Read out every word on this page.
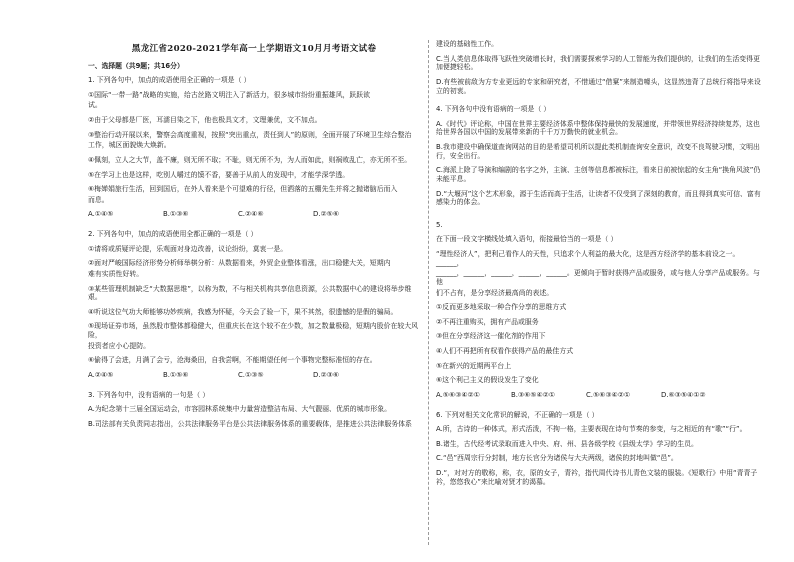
黑龙江省2020-2021学年高一上学期语文10月月考语文试卷
一、选择题（共9题；共16分）

1. 下列各句中，加点的成语使用全正确的一项是（ ）

①国际“一带一路”战略的实施，给古丝路文明注入了新活力，很多城市纷纷重振雄风，跃跃欲

试。

②由于父母都是厂医，耳濡目染之下，他也极具文才，文理兼优，文不加点。

③整治行动开展以来，警察会高度重视，按照“突出重点，责任到人”的原则，全面开展了环境卫生综合整治

工作，城区面貌焕大焕新。

④佩刻，立人之大节，盖不廉，则无所不取；不耻，则无所不为，为人而如此，则祸败乱亡，亦无所不至。

⑤在学习上也是这样，吃别人嚼过的馍不香，要善于从前人的发现中，才能学深学透。

⑥梅婵娟旅行生活，回到国后，在外人看来是个可望难的行径，但洒落的五棚先生并将之抛诸脑后而入

而息。

A.①④⑤	B.①③⑥	C.②④⑥	D.②⑤⑥

2. 下列各句中，加点的成语使用全都正确的一项是（ ）

①请将或质疑评论提，乐观面对身边改善，议论纷纷，莫衷一是。

②面对严峻国际经济形势分析师举棋分析：从数据看来，外贸企业整体看涨，出口稳健大关，短期内

难有实质性好转。

③某些管理机制缺乏“大数据思维”，以称为数，不与相关机构共享信息资源，公共数据中心的建设将举步维艰。

④听说这位气功大师能够功妙疾病，我感为怀疑，今天会了验一下，果不其然，很遗憾的是假的骗局。

⑤现场证券市场，虽然股市整体都稳健大，但重庆长在这个较不在少数，加之数量极稳，短期内股价在较大风险，

投资者应小心提防。

⑥偷得了会进，月满了会亏，沧海桑田，自我尝啊，不能期望任何一个事物完整标准恒的存在。

A.②④⑤	B.①⑤⑥	C.①③⑤	D.②③⑥

3. 下列各句中，没有语病的一句是（ ）

A.为纪念第十三届全国运动会，市容园林系统集中力量营造整洁布局、大气靓丽、优质的城市形象。

B.司法部有关负责同志指出，公共法律服务平台是公共法律服务体系的重要载体，是推进公共法律服务体系

建设的基础性工作。

C.当人类信息体取得飞跃性突破增长时，我们需要探索学习的人工智能为我们提供的，让我们的生活变得更加便捷轻松。

D.有些被前敌为方专业更远的专家和研究者，不惜通过“借窠”来制造噱头，这显然违背了总统行将指导来设立的初衷。

4. 下列各句中没有语病的一项是（ ）

A.《时代》评论称，中国在世界主要经济体系中整体保持最快的发展速度，并带领世界经济持续复苏，这也给世界各国以中国的发展带来新的千千万万勤快的就业机会。

B.我市建设中确保道查询网站的目的是希望司机所以提此类机制查询安全意识，改变不良驾驶习惯，文明出行，安全出行。

C.海派上除了导演和编剧的名字之外，主演、主创等信息都被标注，看来日前被惊起的女主角“换角风波”仍未能平息。

D.“大堰河”这个艺术形象，源于生活而高于生活，让读者不仅受到了深刻的教育，而且得到真实可信、富有感染力的体会。

5.

在下面一段文字横线处填入语句，衔接最恰当的一项是（ ）

“理性经济人”，把利己看作人的天性，只追求个人利益的最大化，这是西方经济学的基本前设之一。______，

______，______，______，______，______。更倾向于暂时获得产品或服务，或与他人分享产品或服务。与他

们不占有，是分享经济最高尚的表述。

①反而更多地采取一种合作分享的思维方式

②不再注重购买，拥有产品或服务

③但在分享经济这一催化剂的作用下

④人们不再把所有权看作获得产品的最佳方式

⑤在新兴的近期两平台上

⑥这个利己主义的假设发生了变化

A.⑤⑥③④②①	B.③⑥⑤④②①	C.⑤⑥③④②①	D.⑥③⑤④①②

6. 下列对相关文化常识的解说，不正确的一项是（ ）

A.所，古诗的一种体式，形式活泼，不拘一格，主要表现在诗句节奏的参变，与之相近的有“歌”“行”。

B.诸生，古代经考试录取而进入中央、府、州、县各级学校《县级太学》学习的生员。

C.“邑”西周宗行分封制，地方长官分为诸侯与大夫两级，诸侯的封地叫做“邑”。

D.“，对对方的敬称，称，衣，原的女子，青衿，指代周代诗书儿青色文装的服装。《短歌行》中用“青青子衿，悠悠我心”来比喻对贤才的渴慕。
